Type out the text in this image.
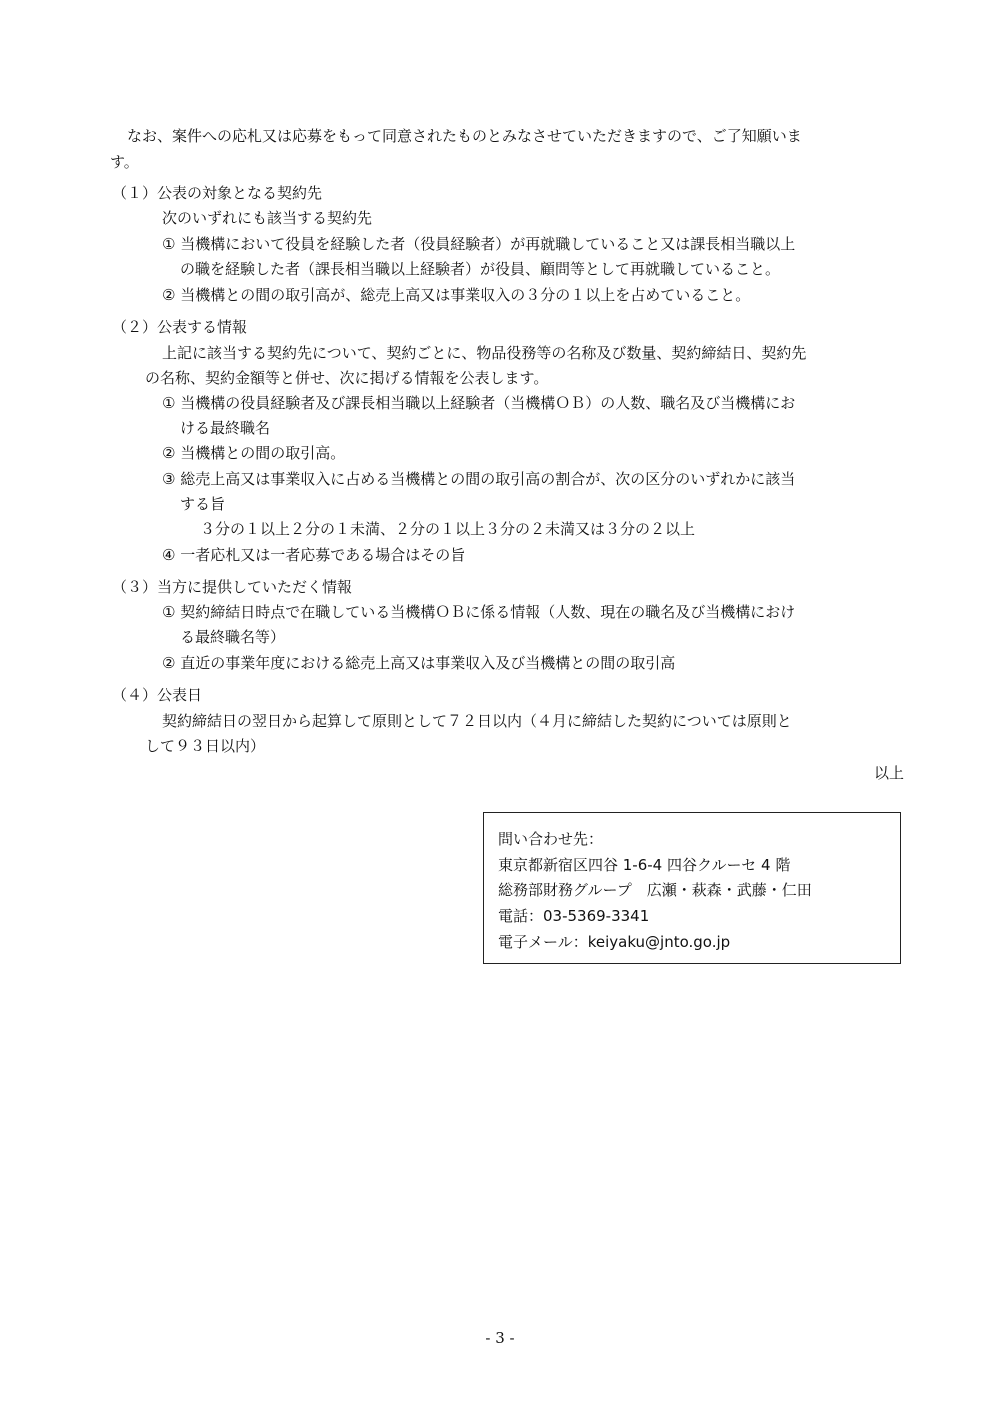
なお、案件への応札又は応募をもって同意されたものとみなさせていただきますので、ご了知願いま
す。
（１）公表の対象となる契約先
次のいずれにも該当する契約先
① 当機構において役員を経験した者（役員経験者）が再就職していること又は課長相当職以上
の職を経験した者（課長相当職以上経験者）が役員、顧問等として再就職していること。
② 当機構との間の取引高が、総売上高又は事業収入の３分の１以上を占めていること。
（２）公表する情報
上記に該当する契約先について、契約ごとに、物品役務等の名称及び数量、契約締結日、契約先
の名称、契約金額等と併せ、次に掲げる情報を公表します。
① 当機構の役員経験者及び課長相当職以上経験者（当機構ＯＢ）の人数、職名及び当機構にお
ける最終職名
② 当機構との間の取引高。
③ 総売上高又は事業収入に占める当機構との間の取引高の割合が、次の区分のいずれかに該当
する旨
３分の１以上２分の１未満、２分の１以上３分の２未満又は３分の２以上
④ 一者応札又は一者応募である場合はその旨
（３）当方に提供していただく情報
① 契約締結日時点で在職している当機構ＯＢに係る情報（人数、現在の職名及び当機構におけ
る最終職名等）
② 直近の事業年度における総売上高又は事業収入及び当機構との間の取引高
（４）公表日
契約締結日の翌日から起算して原則として７２日以内（４月に締結した契約については原則と
して９３日以内）
以上
問い合わせ先：
東京都新宿区四谷 1-6-4 四谷クルーセ 4 階
総務部財務グループ　広瀬・萩森・武藤・仁田
電話：03-5369-3341
電子メール：keiyaku@jnto.go.jp
- 3 -
